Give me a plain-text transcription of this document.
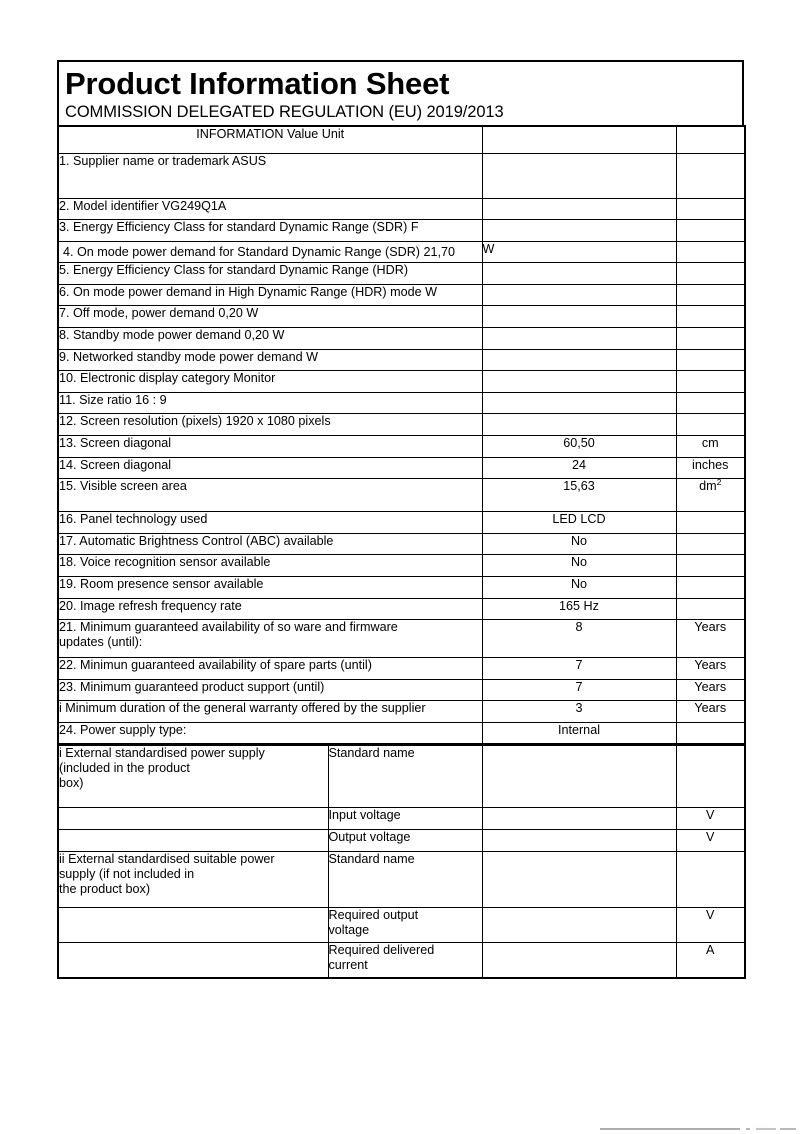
Product Information Sheet
COMMISSION DELEGATED REGULATION (EU) 2019/2013
INFORMATION Value Unit		
1. Supplier name or trademark ASUS		
2. Model identifier VG249Q1A		
3. Energy Efficiency Class for standard Dynamic Range (SDR) F		

4. On mode power demand for Standard Dynamic Range (SDR) 21,70	W	
5. Energy Efficiency Class for standard Dynamic Range (HDR)		
6. On mode power demand in High Dynamic Range (HDR) mode W		
7. Off mode, power demand 0,20 W		
8. Standby mode power demand 0,20 W		
9. Networked standby mode power demand W		
10. Electronic display category Monitor		
11. Size ratio 16 : 9		
12. Screen resolution (pixels) 1920 x 1080 pixels		
13. Screen diagonal	60,50	cm
14. Screen diagonal	24	inches
15. Visible screen area	15,63	$dm^2$
16. Panel technology used	LED LCD	
17. Automatic Brightness Control (ABC) available	No	
18. Voice recognition sensor available	No	
19. Room presence sensor available	No	
20. Image refresh frequency rate	165 Hz	

21. Minimum guaranteed availability of so ware and firmware
updates (until):	8	Years
22. Minimun guaranteed availability of spare parts (until)	7	Years
23. Minimum guaranteed product support (until)	7	Years
i Minimum duration of the general warranty offered by the supplier	3	Years
24. Power supply type:	Internal	
i External standardised power supply
(included in the product
box)	Standard name		
	Input voltage		V
	Output voltage		V

ii External standardised suitable power
supply (if not included in
the product box)	Standard name		

	Required output
voltage		V

	Required delivered
current		A
